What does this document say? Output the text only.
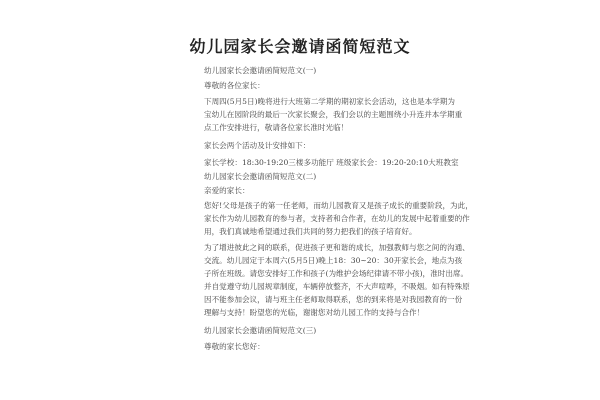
幼儿园家长会邀请函简短范文
幼儿园家长会邀请函简短范文(一)
尊敬的各位家长：
下周四(5月5日)晚将进行大班第二学期的期初家长会活动，这也是本学期为
宝幼儿在园阶段的最后一次家长聚会，我们会以的主题围绕小升连并本学期重
点工作安排进行，敬请各位家长准时光临！
家长会两个活动及计安排如下：
家长学校：18:30-19:20三楼多功能厅 班级家长会：19:20-20:10大班教室
幼儿园家长会邀请函简短范文(二)
亲爱的家长：
您好!父母是孩子的第一任老师，而幼儿园教育又是孩子成长的重要阶段，为此，
家长作为幼儿园教育的参与者，支持者和合作者，在幼儿的发展中起着重要的作
用，我们真诚地希望通过我们共同的努力把我们的孩子培育好。
为了增进彼此之间的联系，促进孩子更和谐的成长，加强教师与您之间的沟通、
交流。幼儿园定于本周六(5月5日)晚上18：30~20：30开家长会，地点为孩
子所在班级。请您安排好工作和孩子(为维护会场纪律请不带小孩)，准时出席。
并自觉遵守幼儿园规章制度，车辆停放整齐，不大声喧哗，不吸烟。如有特殊原
因不能参加会议，请与班主任老师取得联系，您的到来将是对我园教育的一份
理解与支持！盼望您的光临，谢谢您对幼儿园工作的支持与合作！
幼儿园家长会邀请函简短范文(三)
尊敬的家长您好：
